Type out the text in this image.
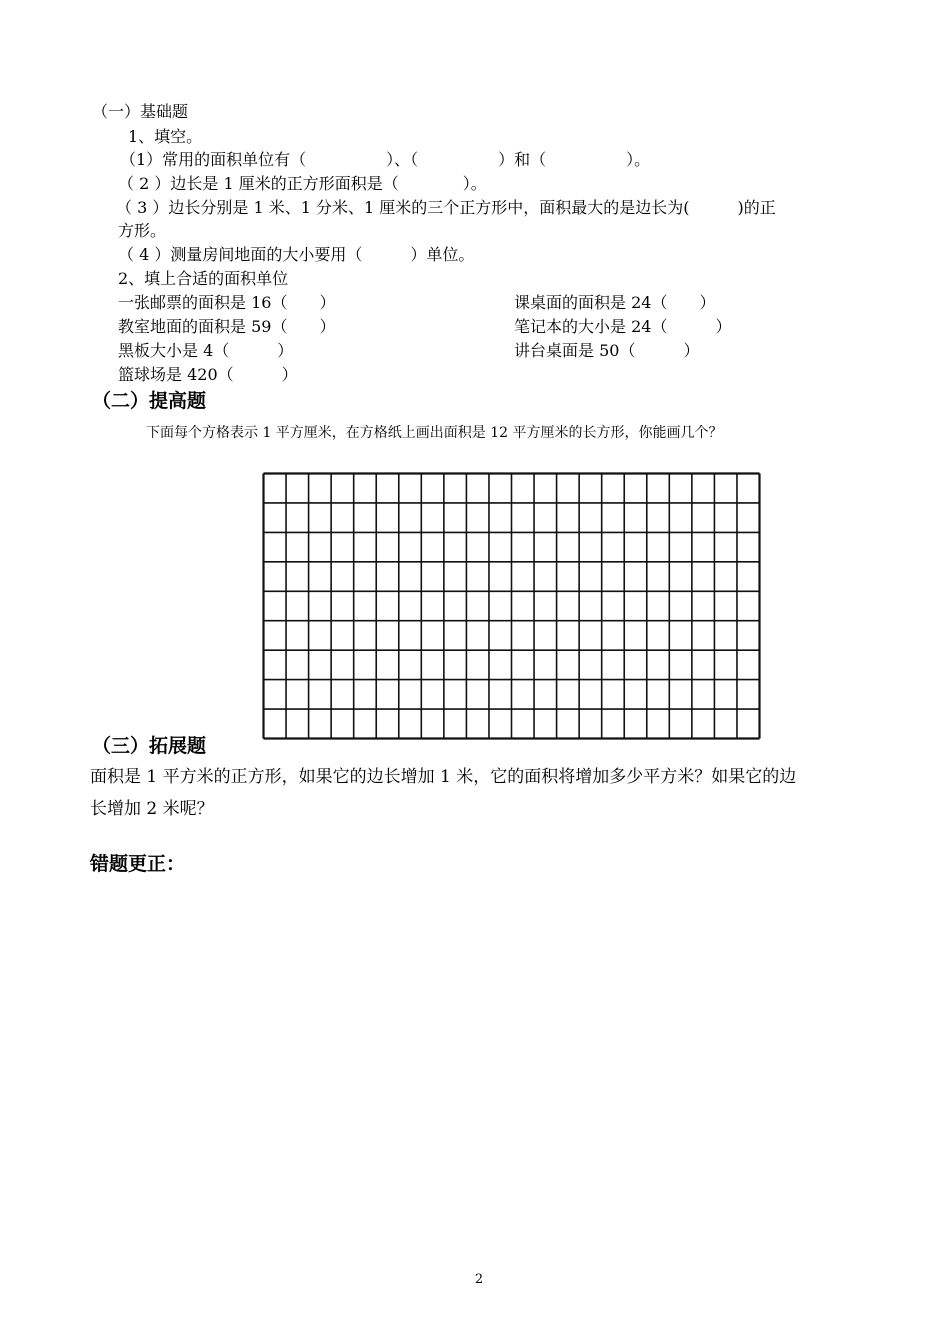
（一）基础题
1、填空。
（1）常用的面积单位有（　　　　　）、（　　　　　）和（　　　　　）。
（ 2 ）边长是 1 厘米的正方形面积是（　　　　）。
（ 3 ）边长分别是 1 米、1 分米、1 厘米的三个正方形中，面积最大的是边长为(　　　)的正
方形。
（ 4 ）测量房间地面的大小要用（　　　）单位。
2、填上合适的面积单位
一张邮票的面积是 16（　　）	课桌面的面积是 24（　　）
教室地面的面积是 59（　　）	笔记本的大小是 24（　　　）
黑板大小是 4（　　　）	讲台桌面是 50（　　　）
篮球场是 420（　　　）
（二）提高题
下面每个方格表示 1 平方厘米，在方格纸上画出面积是 12 平方厘米的长方形，你能画几个？
（三）拓展题
面积是 1 平方米的正方形，如果它的边长增加 1 米，它的面积将增加多少平方米？如果它的边
长增加 2 米呢？
错题更正：
2
